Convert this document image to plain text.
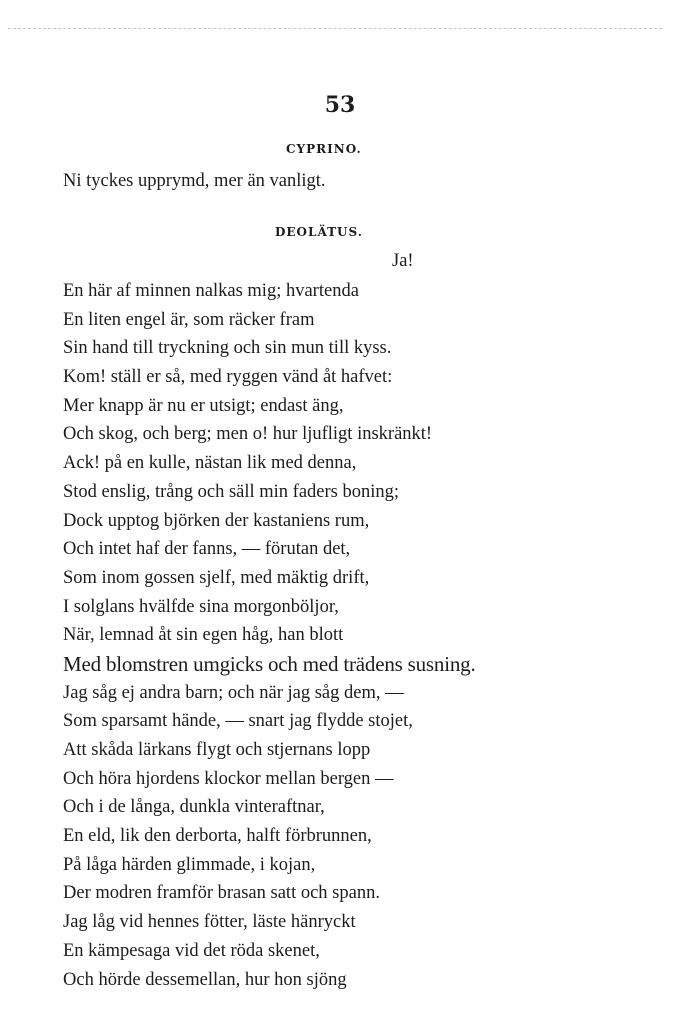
53
CYPRINO.
Ni tyckes upprymd, mer än vanligt.
DEOLÄTUS.
Ja!
En här af minnen nalkas mig; hvartenda
En liten engel är, som räcker fram
Sin hand till tryckning och sin mun till kyss.
Kom! ställ er så, med ryggen vänd åt hafvet:
Mer knapp är nu er utsigt; endast äng,
Och skog, och berg; men o! hur ljufligt inskränkt!
Ack! på en kulle, nästan lik med denna,
Stod enslig, trång och säll min faders boning;
Dock upptog björken der kastaniens rum,
Och intet haf der fanns, — förutan det,
Som inom gossen sjelf, med mäktig drift,
I solglans hvälfde sina morgonböljor,
När, lemnad åt sin egen håg, han blott
Med blomstren umgicks och med trädens susning.
Jag såg ej andra barn; och när jag såg dem, —
Som sparsamt hände, — snart jag flydde stojet,
Att skåda lärkans flygt och stjernans lopp
Och höra hjordens klockor mellan bergen —
Och i de långa, dunkla vinteraftnar,
En eld, lik den derborta, halft förbrunnen,
På låga härden glimmade, i kojan,
Der modren framför brasan satt och spann.
Jag låg vid hennes fötter, läste hänryckt
En kämpesaga vid det röda skenet,
Och hörde dessemellan, hur hon sjöng
